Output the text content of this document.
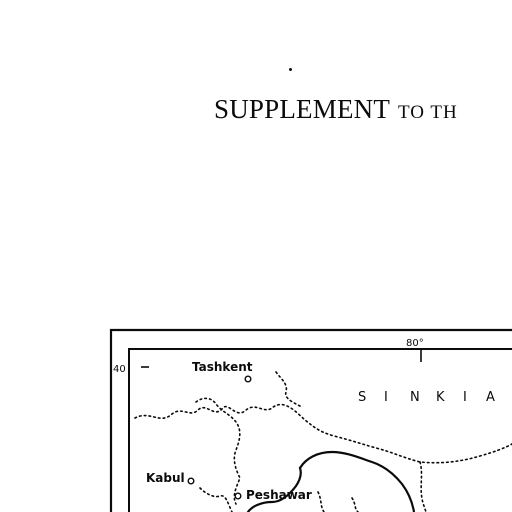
SUPPLEMENT TO TH
80°
40	Tashkent
S I N K I A
Kabul
Peshawar
